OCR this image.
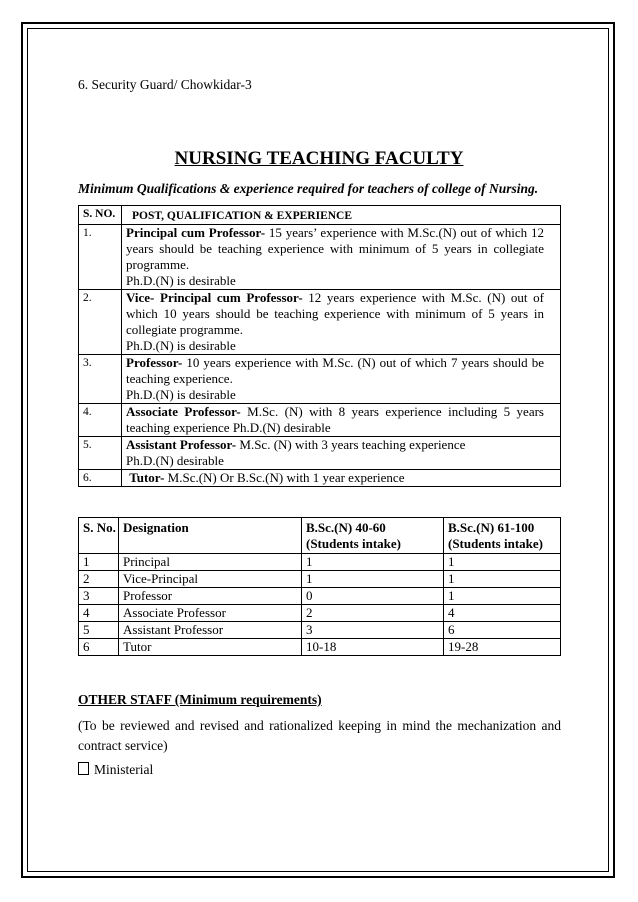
6. Security Guard/ Chowkidar-3
NURSING TEACHING FACULTY
Minimum Qualifications & experience required for teachers of college of Nursing.
S. NO.	POST, QUALIFICATION & EXPERIENCE
1.	Principal cum Professor- 15 years’ experience with M.Sc.(N) out of which 12 years should be teaching experience with minimum of 5 years in collegiate programme.
Ph.D.(N) is desirable
2.	Vice- Principal cum Professor- 12 years experience with M.Sc. (N) out of which 10 years should be teaching experience with minimum of 5 years in collegiate programme.
Ph.D.(N) is desirable
3.	Professor- 10 years experience with M.Sc. (N) out of which 7 years should be teaching experience.
Ph.D.(N) is desirable
4.	Associate Professor- M.Sc. (N) with 8 years experience including 5 years teaching experience Ph.D.(N) desirable
5.	Assistant Professor- M.Sc. (N) with 3 years teaching experience
Ph.D.(N) desirable
6.	Tutor- M.Sc.(N) Or B.Sc.(N) with 1 year experience
S. No.	Designation	B.Sc.(N) 40-60 (Students intake)	B.Sc.(N) 61-100 (Students intake)
1	Principal	1	1
2	Vice-Principal	1	1
3	Professor	0	1
4	Associate Professor	2	4
5	Assistant Professor	3	6
6	Tutor	10-18	19-28
OTHER STAFF (Minimum requirements)
(To be reviewed and revised and rationalized keeping in mind the mechanization and contract service)
Ministerial
